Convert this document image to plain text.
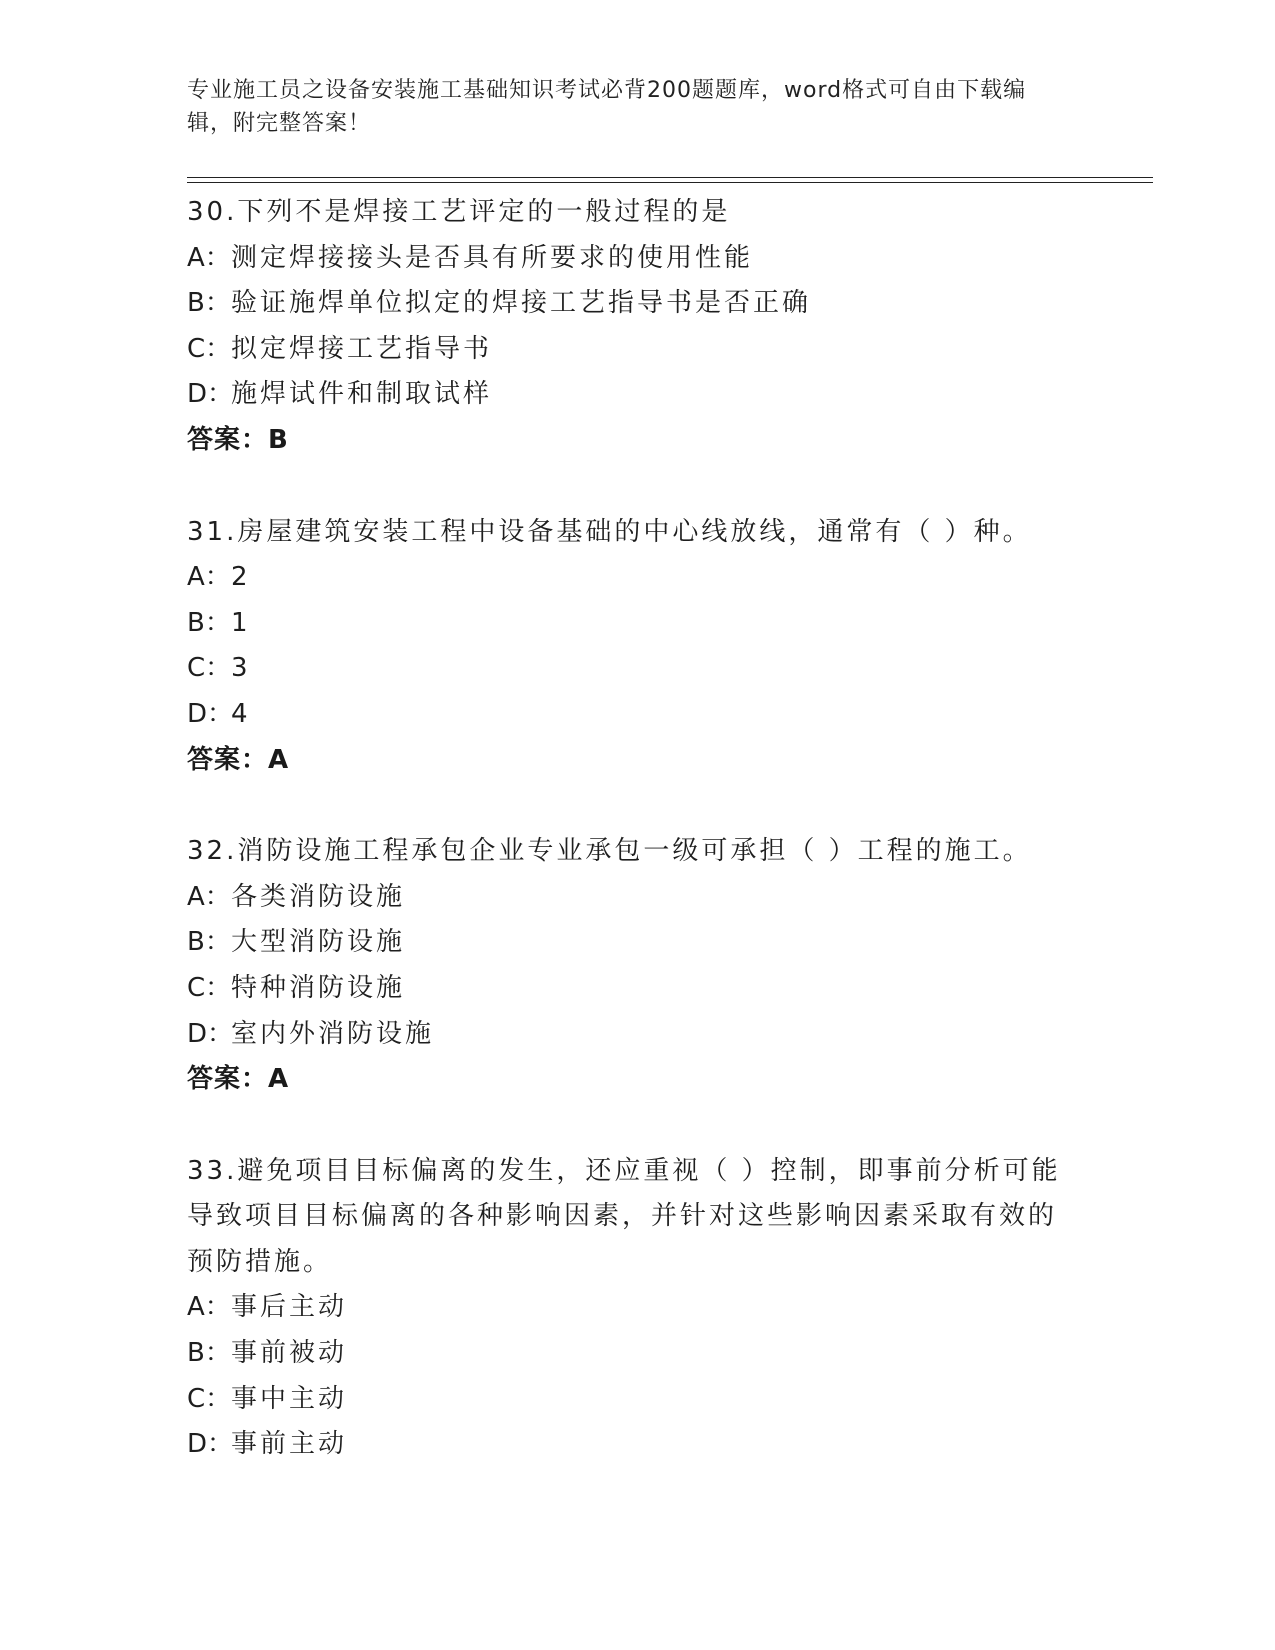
专业施工员之设备安装施工基础知识考试必背200题题库，word格式可自由下载编辑，附完整答案！
30.下列不是焊接工艺评定的一般过程的是
A：测定焊接接头是否具有所要求的使用性能
B：验证施焊单位拟定的焊接工艺指导书是否正确
C：拟定焊接工艺指导书
D：施焊试件和制取试样
答案：B
31.房屋建筑安装工程中设备基础的中心线放线，通常有（ ）种。
A：2
B：1
C：3
D：4
答案：A
32.消防设施工程承包企业专业承包一级可承担（ ）工程的施工。
A：各类消防设施
B：大型消防设施
C：特种消防设施
D：室内外消防设施
答案：A
33.避免项目目标偏离的发生，还应重视（ ）控制，即事前分析可能导致项目目标偏离的各种影响因素，并针对这些影响因素采取有效的预防措施。
A：事后主动
B：事前被动
C：事中主动
D：事前主动
